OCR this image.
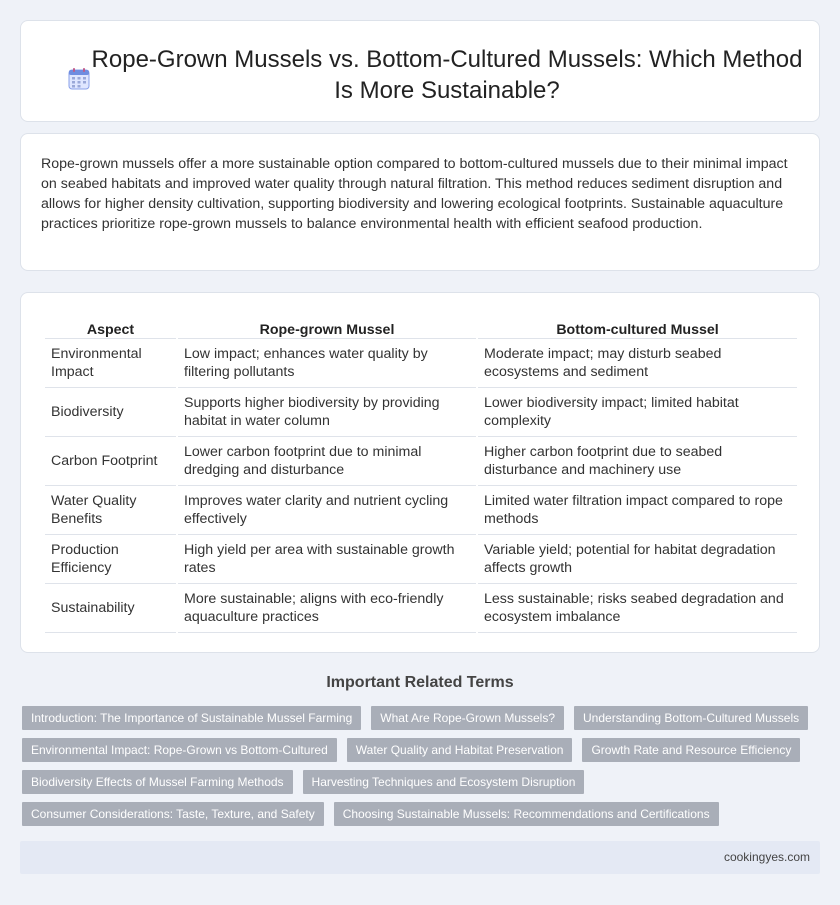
Rope-Grown Mussels vs. Bottom-Cultured Mussels: Which Method Is More Sustainable?

Rope-grown mussels offer a more sustainable option compared to bottom-cultured mussels due to their minimal impact on seabed habitats and improved water quality through natural filtration. This method reduces sediment disruption and allows for higher density cultivation, supporting biodiversity and lowering ecological footprints. Sustainable aquaculture practices prioritize rope-grown mussels to balance environmental health with efficient seafood production.

Aspect	Rope-grown Mussel	Bottom-cultured Mussel
Environmental Impact	Low impact; enhances water quality by filtering pollutants	Moderate impact; may disturb seabed ecosystems and sediment
Biodiversity	Supports higher biodiversity by providing habitat in water column	Lower biodiversity impact; limited habitat complexity
Carbon Footprint	Lower carbon footprint due to minimal dredging and disturbance	Higher carbon footprint due to seabed disturbance and machinery use
Water Quality Benefits	Improves water clarity and nutrient cycling effectively	Limited water filtration impact compared to rope methods
Production Efficiency	High yield per area with sustainable growth rates	Variable yield; potential for habitat degradation affects growth
Sustainability	More sustainable; aligns with eco-friendly aquaculture practices	Less sustainable; risks seabed degradation and ecosystem imbalance
Important Related Terms
Introduction: The Importance of Sustainable Mussel Farming	What Are Rope-Grown Mussels?	Understanding Bottom-Cultured Mussels
Environmental Impact: Rope-Grown vs Bottom-Cultured	Water Quality and Habitat Preservation	Growth Rate and Resource Efficiency
Biodiversity Effects of Mussel Farming Methods	Harvesting Techniques and Ecosystem Disruption
Consumer Considerations: Taste, Texture, and Safety	Choosing Sustainable Mussels: Recommendations and Certifications
cookingyes.com
